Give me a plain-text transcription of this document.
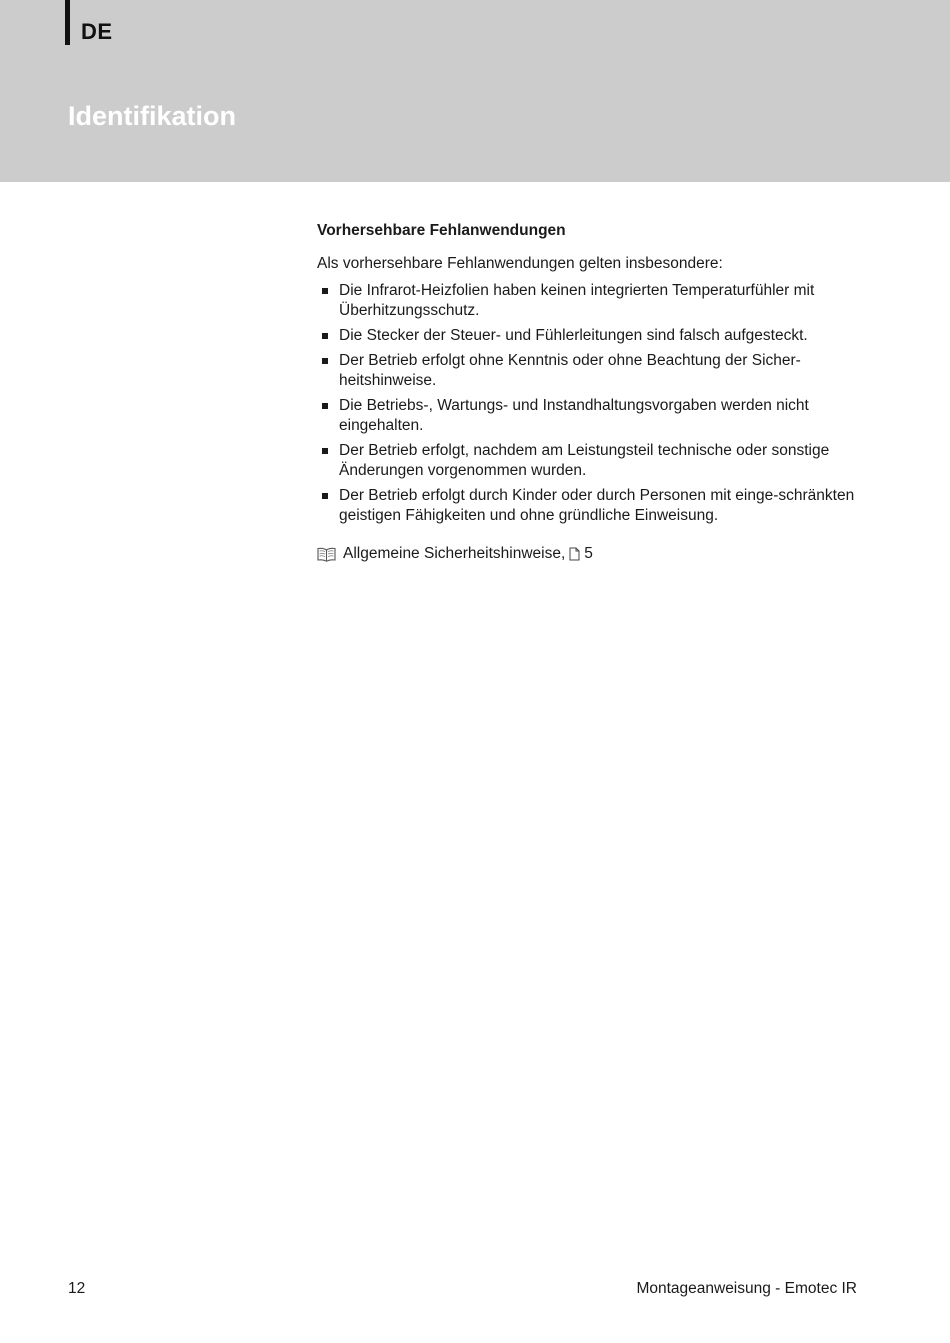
DE
Identifikation
Vorhersehbare Fehlanwendungen
Als vorhersehbare Fehlanwendungen gelten insbesondere:
Die Infrarot-Heizfolien haben keinen integrierten Temperaturfühler mit Überhitzungsschutz.
Die Stecker der Steuer- und Fühlerleitungen sind falsch aufgesteckt.
Der Betrieb erfolgt ohne Kenntnis oder ohne Beachtung der Sicher-heitshinweise.
Die Betriebs-, Wartungs- und Instandhaltungsvorgaben werden nicht eingehalten.
Der Betrieb erfolgt, nachdem am Leistungsteil technische oder sonstige Änderungen vorgenommen wurden.
Der Betrieb erfolgt durch Kinder oder durch Personen mit einge-schränkten geistigen Fähigkeiten und ohne gründliche Einweisung.
Allgemeine Sicherheitshinweise, 5
12	Montageanweisung - Emotec IR
